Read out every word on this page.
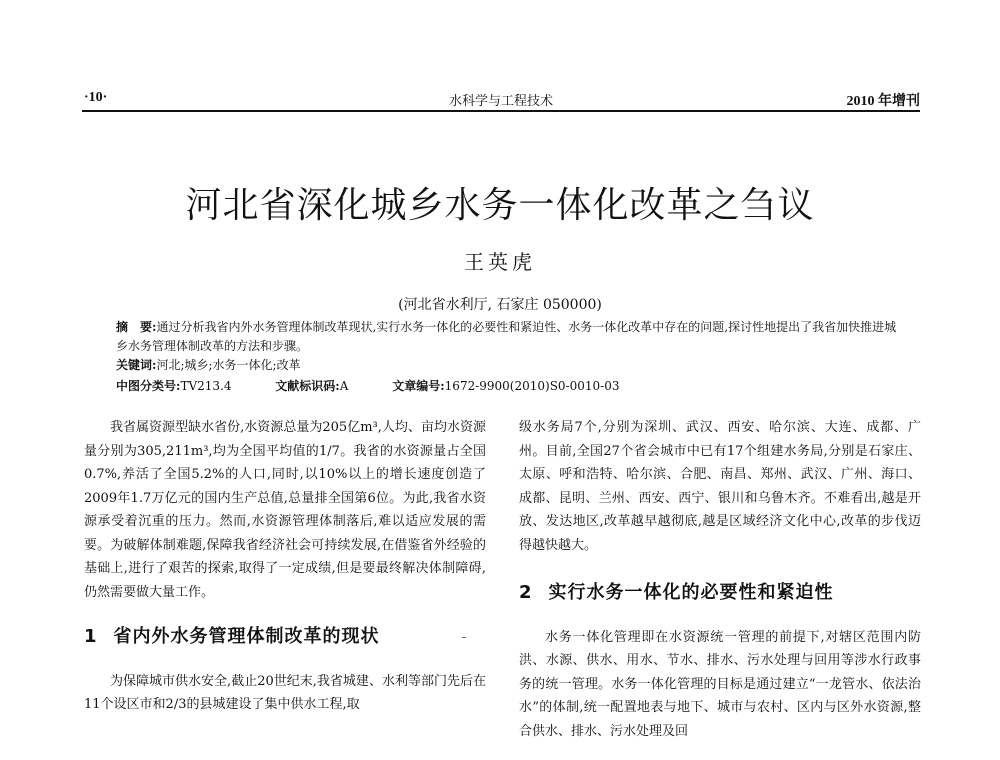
·10·	水科学与工程技术	2010 年增刊
河北省深化城乡水务一体化改革之刍议
王英虎
(河北省水利厅, 石家庄 050000)
摘　要:通过分析我省内外水务管理体制改革现状,实行水务一体化的必要性和紧迫性、水务一体化改革中存在的问题,探讨性地提出了我省加快推进城乡水务管理体制改革的方法和步骤。
关键词:河北;城乡;水务一体化;改革
中图分类号:TV213.4	文献标识码:A	文章编号:1672-9900(2010)S0-0010-03

我省属资源型缺水省份,水资源总量为205亿m³,人均、亩均水资源量分别为305,211m³,均为全国平均值的1/7。我省的水资源量占全国0.7%,养活了全国5.2%的人口,同时,以10%以上的增长速度创造了2009年1.7万亿元的国内生产总值,总量排全国第6位。为此,我省水资源承受着沉重的压力。然而,水资源管理体制落后,难以适应发展的需要。为破解体制难题,保障我省经济社会可持续发展,在借鉴省外经验的基础上,进行了艰苦的探索,取得了一定成绩,但是要最终解决体制障碍,仍然需要做大量工作。

1 省内外水务管理体制改革的现状

为保障城市供水安全,截止20世纪末,我省城建、水利等部门先后在11个设区市和2/3的县城建设了集中供水工程,取

级水务局7个,分别为深圳、武汉、西安、哈尔滨、大连、成都、广州。目前,全国27个省会城市中已有17个组建水务局,分别是石家庄、太原、呼和浩特、哈尔滨、合肥、南昌、郑州、武汉、广州、海口、成都、昆明、兰州、西安、西宁、银川和乌鲁木齐。不难看出,越是开放、发达地区,改革越早越彻底,越是区域经济文化中心,改革的步伐迈得越快越大。

2 实行水务一体化的必要性和紧迫性

水务一体化管理即在水资源统一管理的前提下,对辖区范围内防洪、水源、供水、用水、节水、排水、污水处理与回用等涉水行政事务的统一管理。水务一体化管理的目标是通过建立“一龙管水、依法治水”的体制,统一配置地表与地下、城市与农村、区内与区外水资源,整合供水、排水、污水处理及回
